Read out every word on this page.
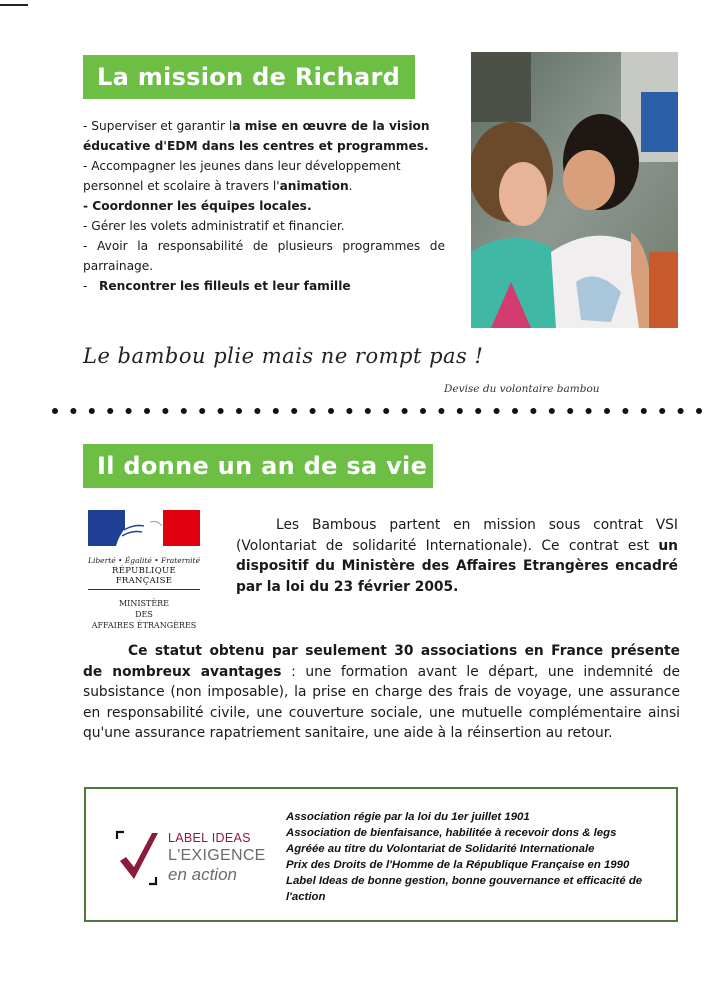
La mission de Richard

- Superviser et garantir la mise en œuvre de la vision éducative d'EDM dans les centres et programmes.

- Accompagner les jeunes dans leur développement personnel et scolaire à travers l'animation.

- Coordonner les équipes locales.

- Gérer les volets administratif et financier.

- Avoir la responsabilité de plusieurs programmes de

parrainage.

- Rencontrer les filleuls et leur famille

Le bambou plie mais ne rompt pas !
Devise du volontaire bambou
Il donne un an de sa vie
Liberté • Égalité • Fraternité
RÉPUBLIQUE FRANÇAISE
MINISTÈRE
DES
AFFAIRES ÉTRANGÈRES
Les Bambous partent en mission sous contrat VSI (Volontariat de solidarité Internationale). Ce contrat est un dispositif du Ministère des Affaires Etrangères encadré par la loi du 23 février 2005.
Ce statut obtenu par seulement 30 associations en France présente de nombreux avantages : une formation avant le départ, une indemnité de subsistance (non imposable), la prise en charge des frais de voyage, une assurance en responsabilité civile, une couverture sociale, une mutuelle complémentaire ainsi qu'une assurance rapatriement sanitaire, une aide à la réinsertion au retour.
LABEL IDEAS
L'EXIGENCE
en action
Association régie par la loi du 1er juillet 1901
Association de bienfaisance, habilitée à recevoir dons & legs
Agréée au titre du Volontariat de Solidarité Internationale
Prix des Droits de l'Homme de la République Française en 1990
Label Ideas de bonne gestion, bonne gouvernance et efficacité de l'action
